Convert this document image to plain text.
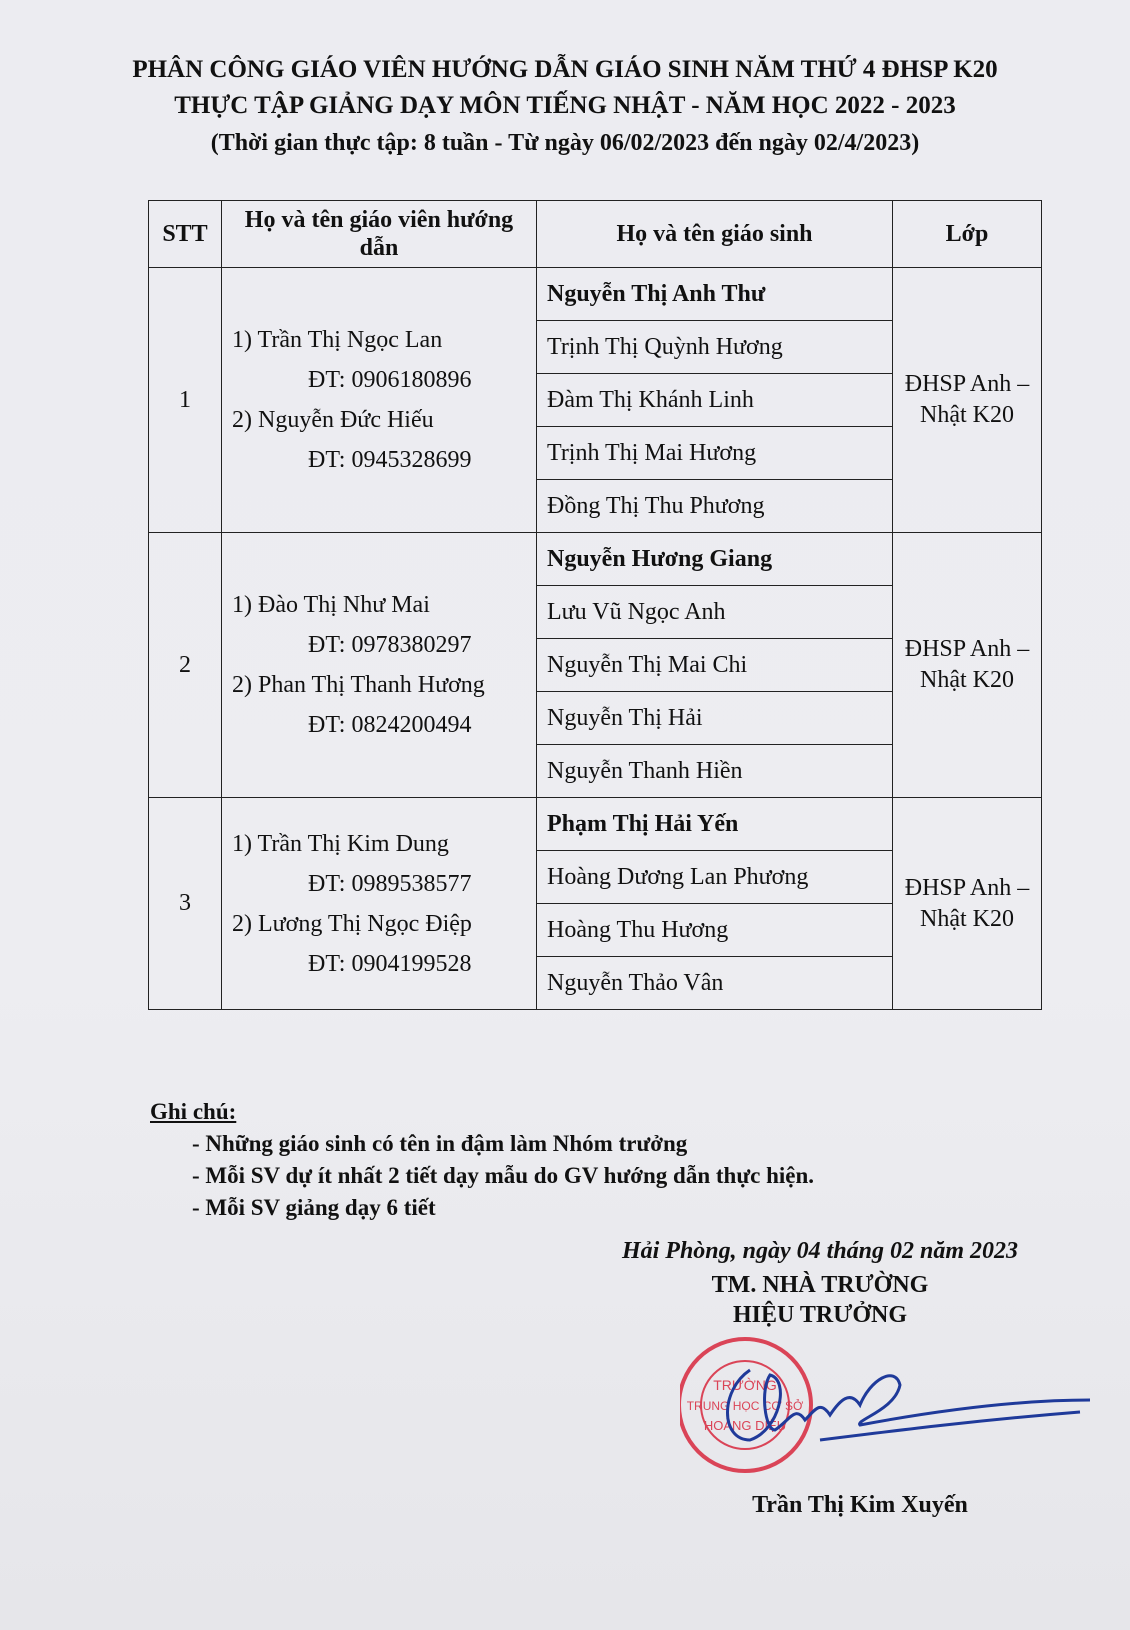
PHÂN CÔNG GIÁO VIÊN HƯỚNG DẪN GIÁO SINH NĂM THỨ 4 ĐHSP K20
THỰC TẬP GIẢNG DẠY MÔN TIẾNG NHẬT - NĂM HỌC 2022 - 2023
(Thời gian thực tập: 8 tuần - Từ ngày 06/02/2023 đến ngày 02/4/2023)
STT	Họ và tên giáo viên hướng dẫn	Họ và tên giáo sinh	Lớp
1	1) Trần Thị Ngọc Lan
ĐT: 0906180896
2) Nguyễn Đức Hiếu
ĐT: 0945328699	Nguyễn Thị Anh Thư	ĐHSP Anh – Nhật K20
		Trịnh Thị Quỳnh Hương	
		Đàm Thị Khánh Linh	
		Trịnh Thị Mai Hương	
		Đồng Thị Thu Phương	
2	1) Đào Thị Như Mai
ĐT: 0978380297
2) Phan Thị Thanh Hương
ĐT: 0824200494	Nguyễn Hương Giang	ĐHSP Anh – Nhật K20
		Lưu Vũ Ngọc Anh	
		Nguyễn Thị Mai Chi	
		Nguyễn Thị Hải	
		Nguyễn Thanh Hiền	
3	1) Trần Thị Kim Dung
ĐT: 0989538577
2) Lương Thị Ngọc Điệp
ĐT: 0904199528	Phạm Thị Hải Yến	ĐHSP Anh – Nhật K20
		Hoàng Dương Lan Phương	
		Hoàng Thu Hương	
		Nguyễn Thảo Vân	
Ghi chú:
- Những giáo sinh có tên in đậm làm Nhóm trưởng
- Mỗi SV dự ít nhất 2 tiết dạy mẫu do GV hướng dẫn thực hiện.
- Mỗi SV giảng dạy 6 tiết
Hải Phòng, ngày 04 tháng 02 năm 2023
TM. NHÀ TRƯỜNG
HIỆU TRƯỞNG
TRƯỜNG
TRUNG HỌC CƠ SỞ
HOÀNG DIỆU
Trần Thị Kim Xuyến
